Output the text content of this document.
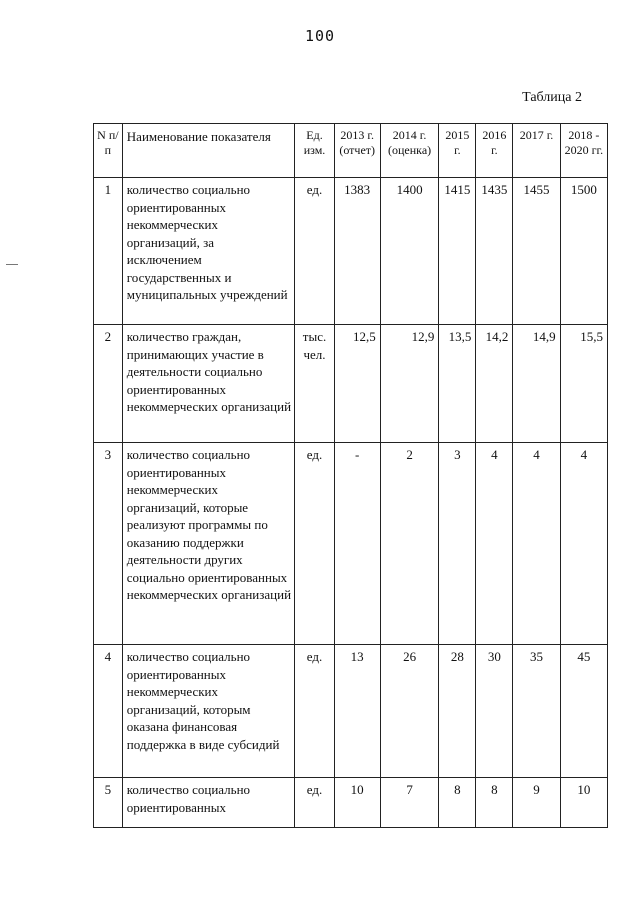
100
Таблица 2
N п/п	Наименование показателя	Ед. изм.	2013 г. (отчет)	2014 г. (оценка)	2015 г.	2016 г.	2017 г.	2018 - 2020 гг.
1	количество социально ориентированных некоммерческих организаций, за исключением государственных и муниципальных учреждений	ед.	1383	1400	1415	1435	1455	1500
2	количество граждан, принимающих участие в деятельности социально ориентированных некоммерческих организаций	тыс. чел.	12,5	12,9	13,5	14,2	14,9	15,5
3	количество социально ориентированных некоммерческих организаций, которые реализуют программы по оказанию поддержки деятельности других социально ориентированных некоммерческих организаций	ед.	-	2	3	4	4	4
4	количество социально ориентированных некоммерческих организаций, которым оказана финансовая поддержка в виде субсидий	ед.	13	26	28	30	35	45
5	количество социально ориентированных	ед.	10	7	8	8	9	10
